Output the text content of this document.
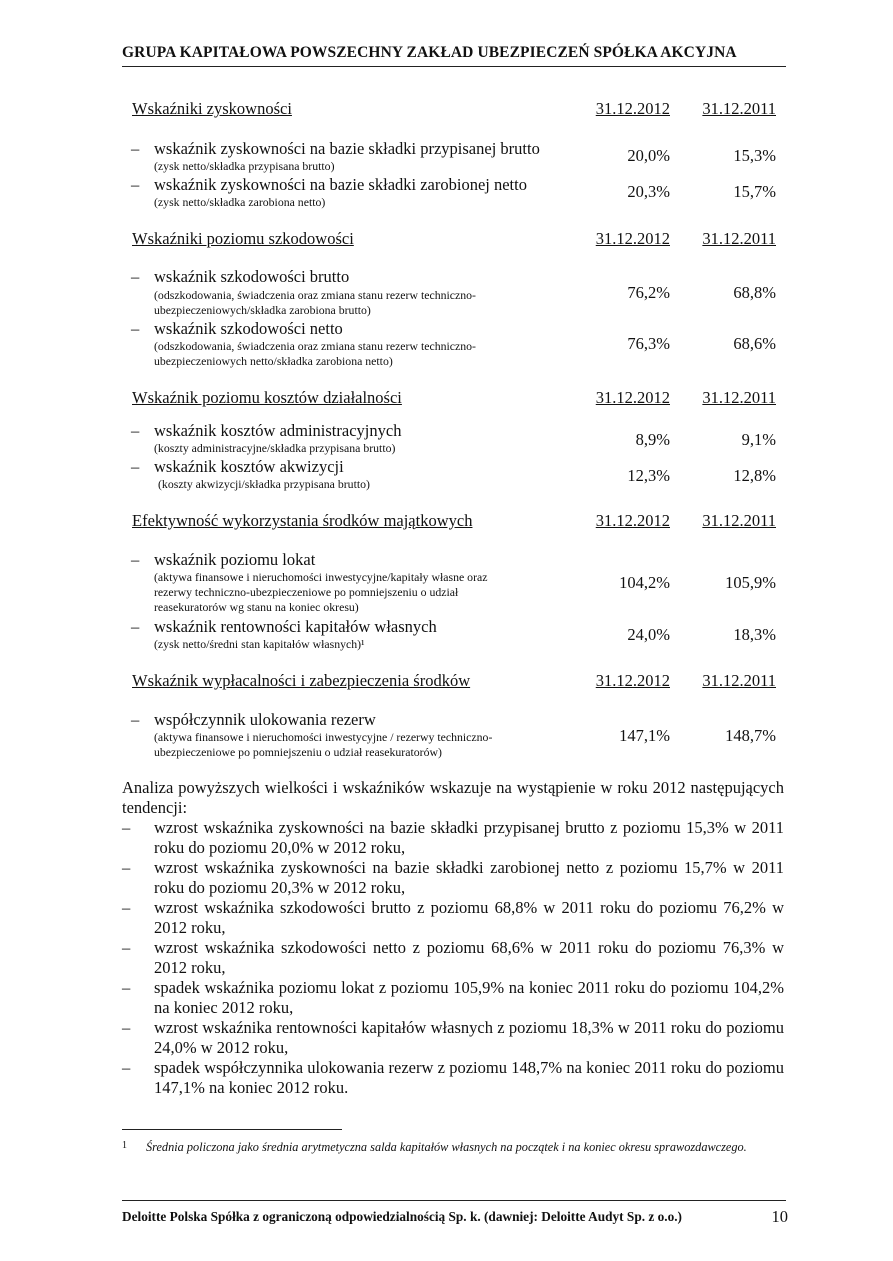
GRUPA KAPITAŁOWA POWSZECHNY ZAKŁAD UBEZPIECZEŃ SPÓŁKA AKCYJNA
Wskaźniki zyskowności	31.12.2012 31.12.2011
– wskaźnik zyskowności na bazie składki przypisanej brutto
(zysk netto/składka przypisana brutto)
20,0%	15,3%
– wskaźnik zyskowności na bazie składki zarobionej netto
(zysk netto/składka zarobiona netto)
20,3%	15,7%
Wskaźniki poziomu szkodowości	31.12.2012 31.12.2011
– wskaźnik szkodowości brutto
(odszkodowania, świadczenia oraz zmiana stanu rezerw techniczno-
ubezpieczeniowych/składka zarobiona brutto)
76,2%	68,8%
– wskaźnik szkodowości netto
(odszkodowania, świadczenia oraz zmiana stanu rezerw techniczno-
ubezpieczeniowych netto/składka zarobiona netto)
76,3%	68,6%
Wskaźnik poziomu kosztów działalności	31.12.2012 31.12.2011
– wskaźnik kosztów administracyjnych
(koszty administracyjne/składka przypisana brutto)	8,9%	9,1%
– wskaźnik kosztów akwizycji
(koszty akwizycji/składka przypisana brutto)	12,3%	12,8%
Efektywność wykorzystania środków majątkowych	31.12.2012 31.12.2011
– wskaźnik poziomu lokat
(aktywa finansowe i nieruchomości inwestycyjne/kapitały własne oraz
rezerwy techniczno-ubezpieczeniowe po pomniejszeniu o udział
reasekuratorów wg stanu na koniec okresu)
104,2%	105,9%
– wskaźnik rentowności kapitałów własnych
(zysk netto/średni stan kapitałów własnych)¹	24,0%	18,3%
Wskaźnik wypłacalności i zabezpieczenia środków	31.12.2012 31.12.2011
– współczynnik ulokowania rezerw
(aktywa finansowe i nieruchomości inwestycyjne / rezerwy techniczno-
ubezpieczeniowe po pomniejszeniu o udział reasekuratorów)
147,1%	148,7%
Analiza powyższych wielkości i wskaźników wskazuje na wystąpienie w roku 2012 następujących tendencji:
– wzrost wskaźnika zyskowności na bazie składki przypisanej brutto z poziomu 15,3% w 2011 roku do poziomu 20,0% w 2012 roku,
– wzrost wskaźnika zyskowności na bazie składki zarobionej netto z poziomu 15,7% w 2011 roku do poziomu 20,3% w 2012 roku,
– wzrost wskaźnika szkodowości brutto z poziomu 68,8% w 2011 roku do poziomu 76,2% w 2012 roku,
– wzrost wskaźnika szkodowości netto z poziomu 68,6% w 2011 roku do poziomu 76,3% w 2012 roku,
– spadek wskaźnika poziomu lokat z poziomu 105,9% na koniec 2011 roku do poziomu 104,2% na koniec 2012 roku,
– wzrost wskaźnika rentowności kapitałów własnych z poziomu 18,3% w 2011 roku do poziomu 24,0% w 2012 roku,
– spadek współczynnika ulokowania rezerw z poziomu 148,7% na koniec 2011 roku do poziomu 147,1% na koniec 2012 roku.
1 Średnia policzona jako średnia arytmetyczna salda kapitałów własnych na początek i na koniec okresu sprawozdawczego.
Deloitte Polska Spółka z ograniczoną odpowiedzialnością Sp. k. (dawniej: Deloitte Audyt Sp. z o.o.)	10
